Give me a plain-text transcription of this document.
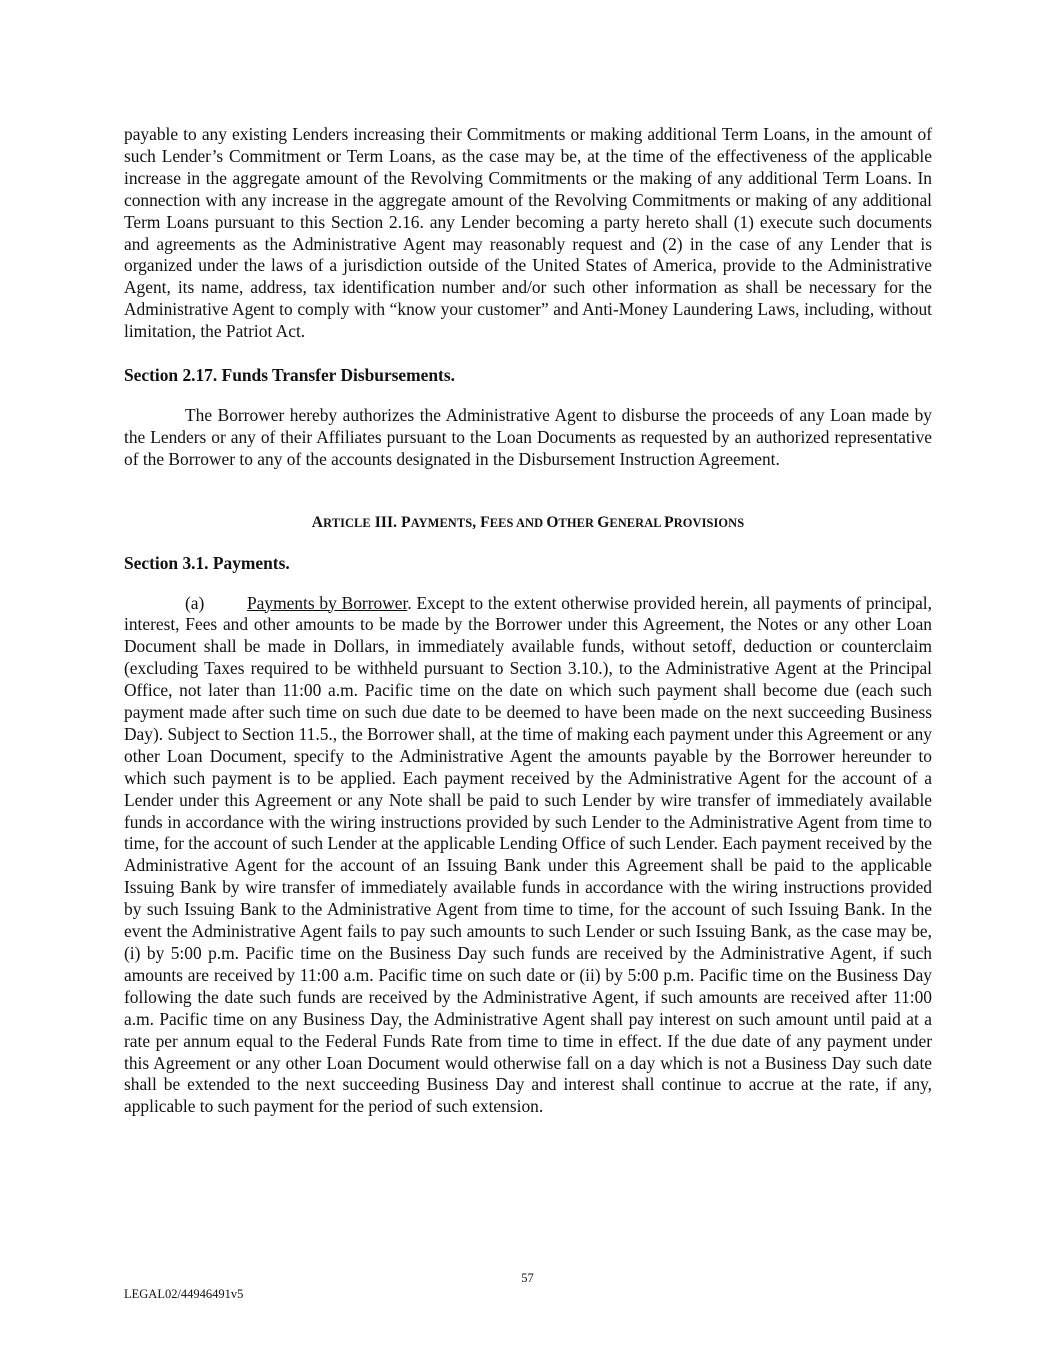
payable to any existing Lenders increasing their Commitments or making additional Term Loans, in the amount of such Lender’s Commitment or Term Loans, as the case may be, at the time of the effectiveness of the applicable increase in the aggregate amount of the Revolving Commitments or the making of any additional Term Loans. In connection with any increase in the aggregate amount of the Revolving Commitments or making of any additional Term Loans pursuant to this Section 2.16. any Lender becoming a party hereto shall (1) execute such documents and agreements as the Administrative Agent may reasonably request and (2) in the case of any Lender that is organized under the laws of a jurisdiction outside of the United States of America, provide to the Administrative Agent, its name, address, tax identification number and/or such other information as shall be necessary for the Administrative Agent to comply with “know your customer” and Anti-Money Laundering Laws, including, without limitation, the Patriot Act.

Section 2.17. Funds Transfer Disbursements.

The Borrower hereby authorizes the Administrative Agent to disburse the proceeds of any Loan made by the Lenders or any of their Affiliates pursuant to the Loan Documents as requested by an authorized representative of the Borrower to any of the accounts designated in the Disbursement Instruction Agreement.

ARTICLE III. PAYMENTS, FEES AND OTHER GENERAL PROVISIONS
Section 3.1. Payments.

(a) Payments by Borrower. Except to the extent otherwise provided herein, all payments of principal, interest, Fees and other amounts to be made by the Borrower under this Agreement, the Notes or any other Loan Document shall be made in Dollars, in immediately available funds, without setoff, deduction or counterclaim (excluding Taxes required to be withheld pursuant to Section 3.10.), to the Administrative Agent at the Principal Office, not later than 11:00 a.m. Pacific time on the date on which such payment shall become due (each such payment made after such time on such due date to be deemed to have been made on the next succeeding Business Day). Subject to Section 11.5., the Borrower shall, at the time of making each payment under this Agreement or any other Loan Document, specify to the Administrative Agent the amounts payable by the Borrower hereunder to which such payment is to be applied. Each payment received by the Administrative Agent for the account of a Lender under this Agreement or any Note shall be paid to such Lender by wire transfer of immediately available funds in accordance with the wiring instructions provided by such Lender to the Administrative Agent from time to time, for the account of such Lender at the applicable Lending Office of such Lender. Each payment received by the Administrative Agent for the account of an Issuing Bank under this Agreement shall be paid to the applicable Issuing Bank by wire transfer of immediately available funds in accordance with the wiring instructions provided by such Issuing Bank to the Administrative Agent from time to time, for the account of such Issuing Bank. In the event the Administrative Agent fails to pay such amounts to such Lender or such Issuing Bank, as the case may be, (i) by 5:00 p.m. Pacific time on the Business Day such funds are received by the Administrative Agent, if such amounts are received by 11:00 a.m. Pacific time on such date or (ii) by 5:00 p.m. Pacific time on the Business Day following the date such funds are received by the Administrative Agent, if such amounts are received after 11:00 a.m. Pacific time on any Business Day, the Administrative Agent shall pay interest on such amount until paid at a rate per annum equal to the Federal Funds Rate from time to time in effect. If the due date of any payment under this Agreement or any other Loan Document would otherwise fall on a day which is not a Business Day such date shall be extended to the next succeeding Business Day and interest shall continue to accrue at the rate, if any, applicable to such payment for the period of such extension.

57
LEGAL02/44946491v5
